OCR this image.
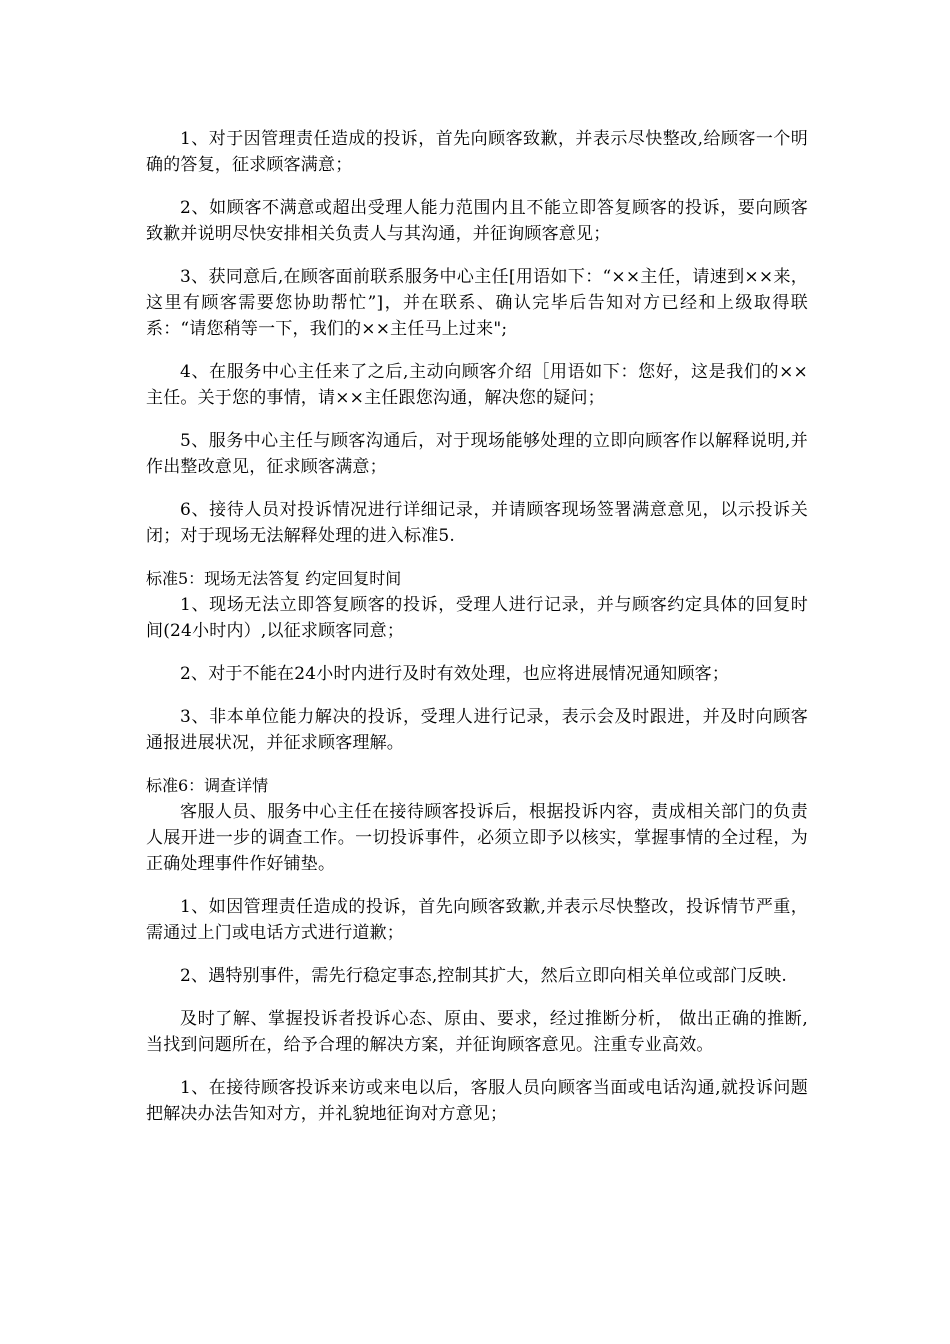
1、对于因管理责任造成的投诉，首先向顾客致歉，并表示尽快整改,给顾客一个明确的答复，征求顾客满意；

2、如顾客不满意或超出受理人能力范围内且不能立即答复顾客的投诉，要向顾客致歉并说明尽快安排相关负责人与其沟通，并征询顾客意见；

3、获同意后,在顾客面前联系服务中心主任[用语如下：“××主任，请速到××来，这里有顾客需要您协助帮忙”]，并在联系、确认完毕后告知对方已经和上级取得联系：“请您稍等一下，我们的××主任马上过来";

4、在服务中心主任来了之后,主动向顾客介绍［用语如下：您好，这是我们的××主任。关于您的事情，请××主任跟您沟通，解决您的疑问；

5、服务中心主任与顾客沟通后，对于现场能够处理的立即向顾客作以解释说明,并作出整改意见，征求顾客满意；

6、接待人员对投诉情况进行详细记录，并请顾客现场签署满意意见，以示投诉关闭；对于现场无法解释处理的进入标准5.

标准5：现场无法答复 约定回复时间

1、现场无法立即答复顾客的投诉，受理人进行记录，并与顾客约定具体的回复时间(24小时内）,以征求顾客同意；

2、对于不能在24小时内进行及时有效处理，也应将进展情况通知顾客；

3、非本单位能力解决的投诉，受理人进行记录，表示会及时跟进，并及时向顾客通报进展状况，并征求顾客理解。

标准6：调查详情

客服人员、服务中心主任在接待顾客投诉后，根据投诉内容，责成相关部门的负责人展开进一步的调查工作。一切投诉事件，必须立即予以核实，掌握事情的全过程，为正确处理事件作好铺垫。

1、如因管理责任造成的投诉，首先向顾客致歉,并表示尽快整改，投诉情节严重，需通过上门或电话方式进行道歉；

2、遇特别事件，需先行稳定事态,控制其扩大，然后立即向相关单位或部门反映.

及时了解、掌握投诉者投诉心态、原由、要求，经过推断分析， 做出正确的推断,当找到问题所在，给予合理的解决方案，并征询顾客意见。注重专业高效。

1、在接待顾客投诉来访或来电以后，客服人员向顾客当面或电话沟通,就投诉问题把解决办法告知对方，并礼貌地征询对方意见；
